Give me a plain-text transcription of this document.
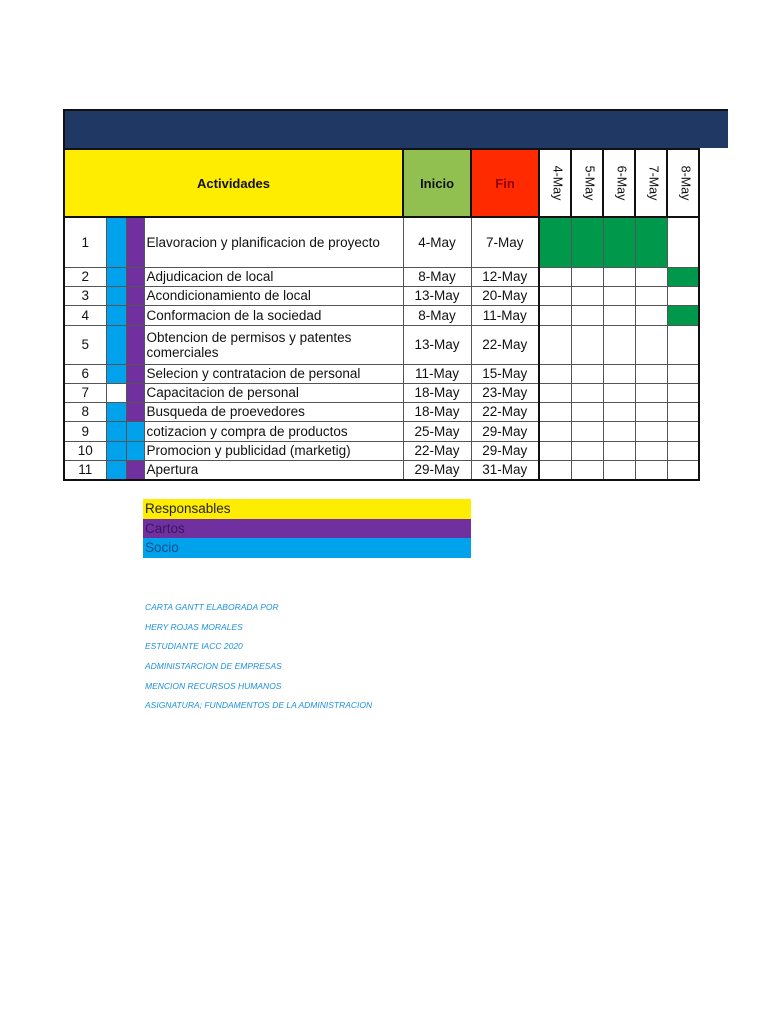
Actividades				Inicio	Fin	4-May	5-May	6-May	7-May	8-May
1			Elavoracion y planificacion de proyecto	4-May	7-May					
2			Adjudicacion de local	8-May	12-May					
3			Acondicionamiento de local	13-May	20-May					
4			Conformacion de la sociedad	8-May	11-May					
5			Obtencion de permisos y patentes comerciales	13-May	22-May					
6			Selecion y contratacion de personal	11-May	15-May					
7			Capacitacion de personal	18-May	23-May					
8			Busqueda de proevedores	18-May	22-May					
9			cotizacion y compra de productos	25-May	29-May					
10			Promocion y publicidad (marketig)	22-May	29-May					
11			Apertura	29-May	31-May					
Responsables
Cartos
Socio
CARTA GANTT ELABORADA POR
HERY ROJAS MORALES
ESTUDIANTE IACC 2020
ADMINISTARCION DE EMPRESAS
MENCION RECURSOS HUMANOS
ASIGNATURA; FUNDAMENTOS DE LA ADMINISTRACION
